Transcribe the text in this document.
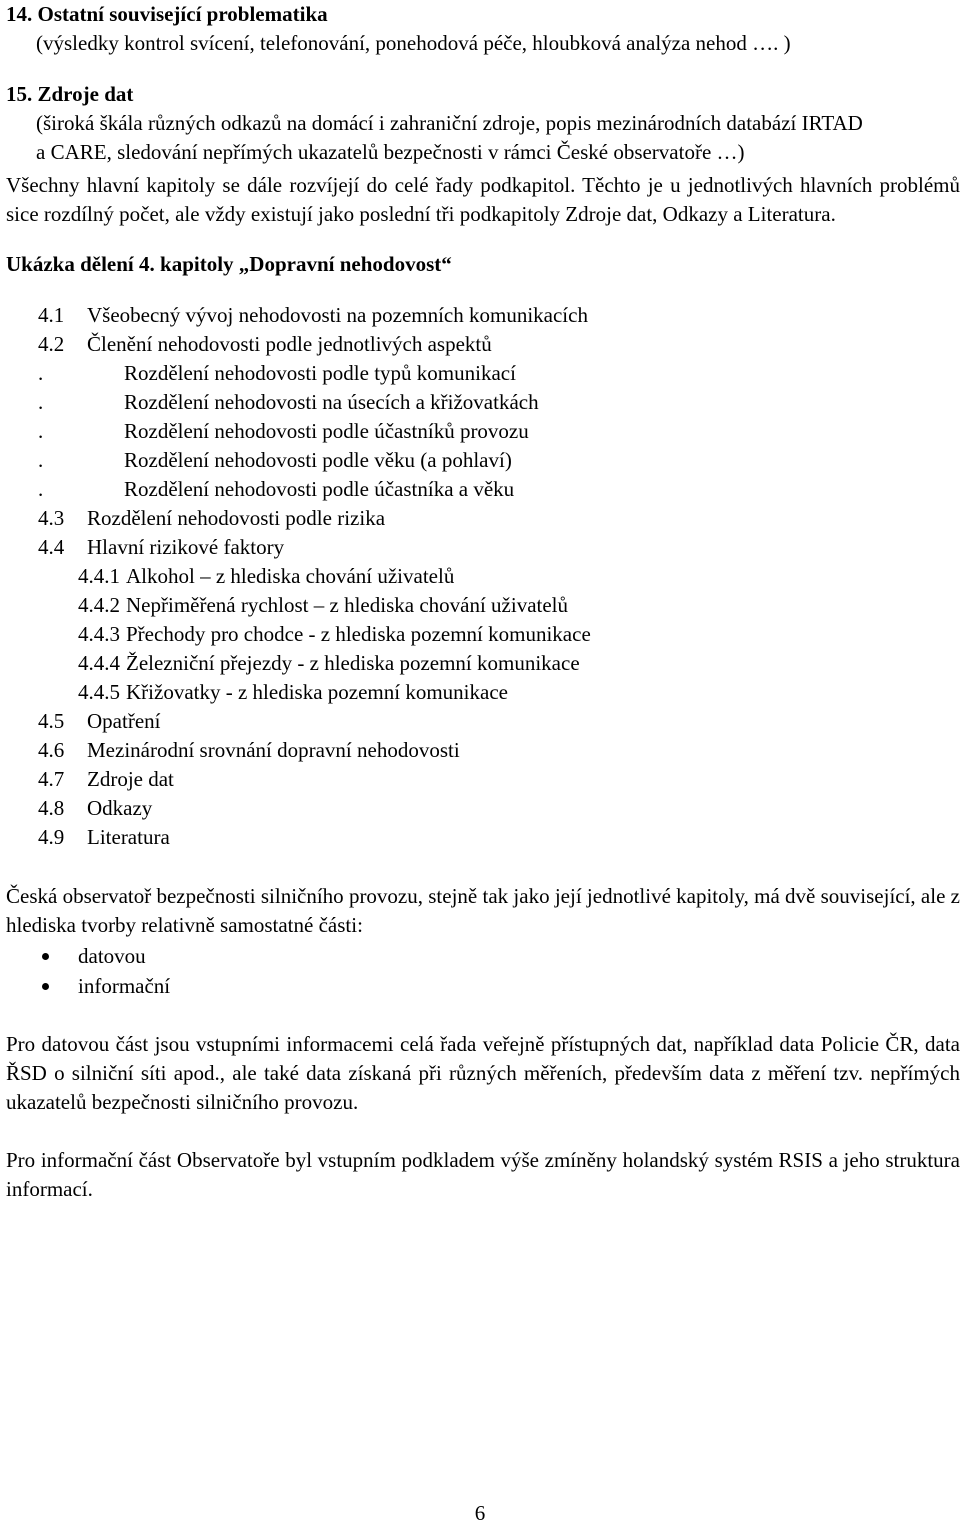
14. Ostatní související problematika

(výsledky kontrol svícení, telefonování, ponehodová péče, hloubková analýza nehod …. )

15. Zdroje dat

(široká škála různých odkazů na domácí i zahraniční zdroje, popis mezinárodních databází IRTAD

a CARE, sledování nepřímých ukazatelů bezpečnosti v rámci České observatoře …)

Všechny hlavní kapitoly se dále rozvíjejí do celé řady podkapitol. Těchto je u jednotlivých hlavních problémů sice rozdílný počet, ale vždy existují jako poslední tři podkapitoly Zdroje dat, Odkazy a Literatura.

Ukázka dělení 4. kapitoly „Dopravní nehodovost“

4.1 Všeobecný vývoj nehodovosti na pozemních komunikacích
4.2 Členění nehodovosti podle jednotlivých aspektů
.	Rozdělení nehodovosti podle typů komunikací
.	Rozdělení nehodovosti na úsecích a křižovatkách
.	Rozdělení nehodovosti podle účastníků provozu
.	Rozdělení nehodovosti podle věku (a pohlaví)
.	Rozdělení nehodovosti podle účastníka a věku
4.3 Rozdělení nehodovosti podle rizika
4.4 Hlavní rizikové faktory
4.4.1 Alkohol – z hlediska chování uživatelů
4.4.2 Nepřiměřená rychlost – z hlediska chování uživatelů
4.4.3 Přechody pro chodce - z hlediska pozemní komunikace
4.4.4 Železniční přejezdy - z hlediska pozemní komunikace
4.4.5 Křižovatky - z hlediska pozemní komunikace
4.5 Opatření
4.6 Mezinárodní srovnání dopravní nehodovosti
4.7 Zdroje dat
4.8 Odkazy
4.9 Literatura

Česká observatoř bezpečnosti silničního provozu, stejně tak jako její jednotlivé kapitoly, má dvě související, ale z hlediska tvorby relativně samostatné části:

datovou
informační

Pro datovou část jsou vstupními informacemi celá řada veřejně přístupných dat, například data Policie ČR, data ŘSD o silniční síti apod., ale také data získaná při různých měřeních, především data z měření tzv. nepřímých ukazatelů bezpečnosti silničního provozu.

Pro informační část Observatoře byl vstupním podkladem výše zmíněny holandský systém RSIS a jeho struktura informací.

6
